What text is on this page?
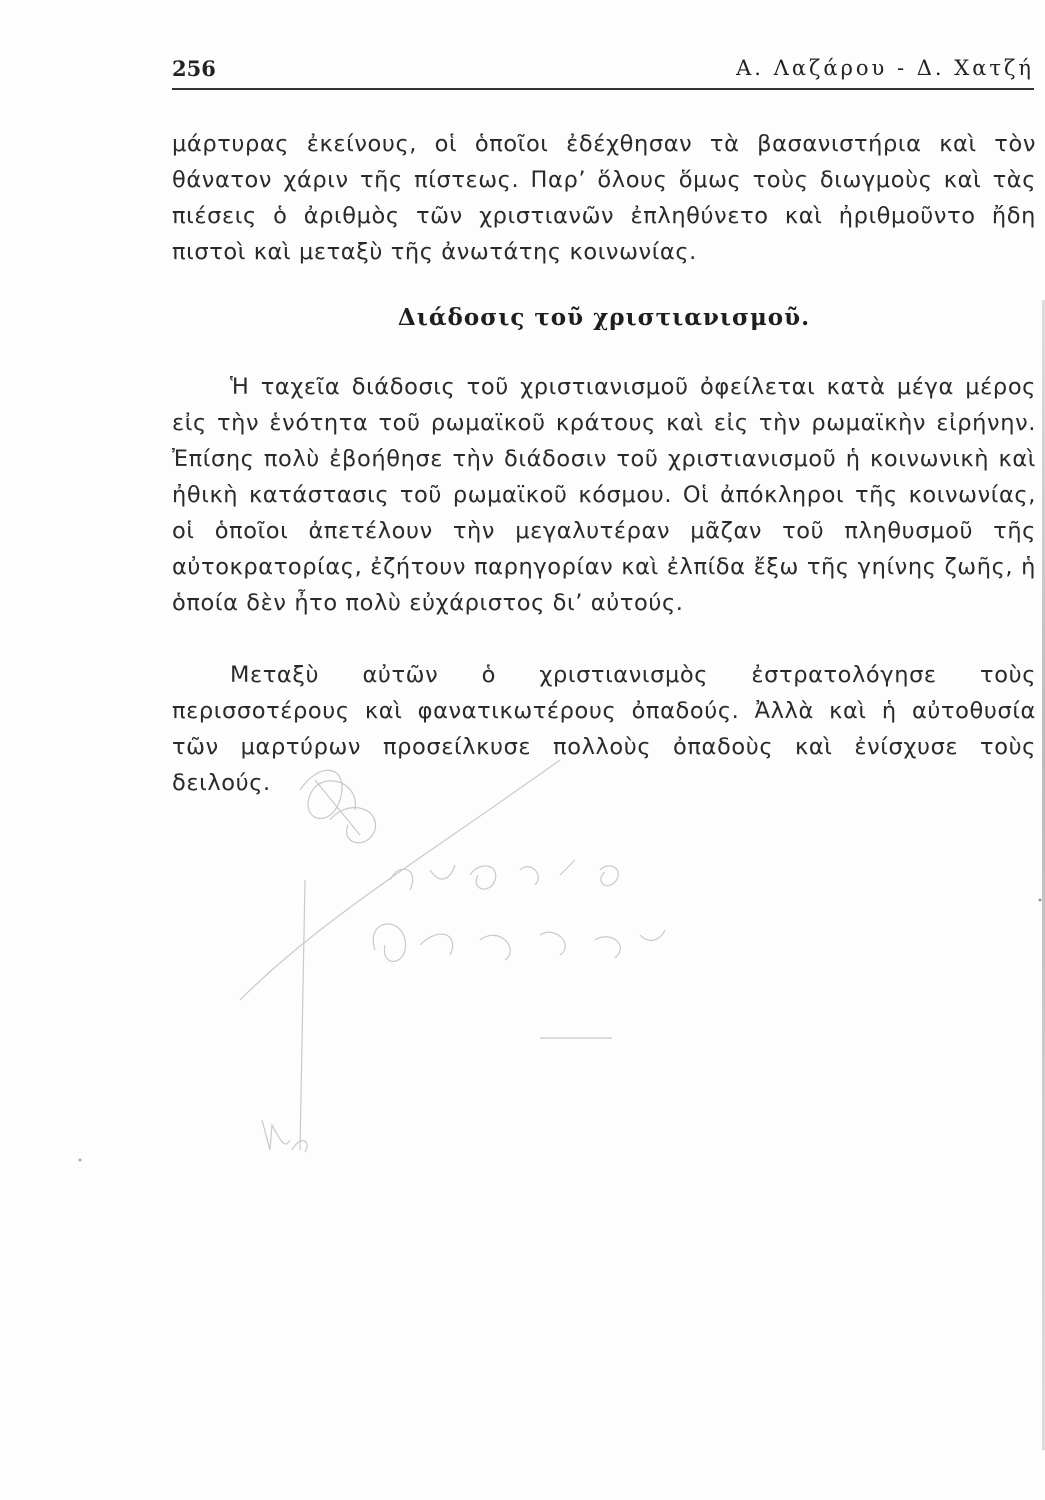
256	Α. Λαζάρου - Δ. Χατζή

μάρτυρας ἐκείνους, οἱ ὁποῖοι ἐδέχθησαν τὰ βασανιστήρια καὶ τὸν θάνατον χάριν τῆς πίστεως. Παρ’ ὅλους ὅμως τοὺς διωγμοὺς καὶ τὰς πιέσεις ὁ ἀριθμὸς τῶν χριστιανῶν ἐπληθύνετο καὶ ἠριθμοῦντο ἤδη πιστοὶ καὶ μεταξὺ τῆς ἀνωτάτης κοινωνίας.

Διάδοσις τοῦ χριστιανισμοῦ.

Ἡ ταχεῖα διάδοσις τοῦ χριστιανισμοῦ ὀφείλεται κατὰ μέγα μέρος εἰς τὴν ἑνότητα τοῦ ρωμαϊκοῦ κράτους καὶ εἰς τὴν ρωμαϊκὴν εἰρήνην. Ἐπίσης πολὺ ἐβοήθησε τὴν διάδοσιν τοῦ χριστιανισμοῦ ἡ κοινωνικὴ καὶ ἠθικὴ κατάστασις τοῦ ρωμαϊκοῦ κόσμου. Οἱ ἀπόκληροι τῆς κοινωνίας, οἱ ὁποῖοι ἀπετέλουν τὴν μεγαλυτέραν μᾶζαν τοῦ πληθυσμοῦ τῆς αὐτοκρατορίας, ἐζήτουν παρηγορίαν καὶ ἐλπίδα ἔξω τῆς γηίνης ζωῆς, ἡ ὁποία δὲν ἦτο πολὺ εὐχάριστος δι’ αὐτούς.

Μεταξὺ αὐτῶν ὁ χριστιανισμὸς ἐστρατολόγησε τοὺς περισσοτέρους καὶ φανατικωτέρους ὀπαδούς. Ἀλλὰ καὶ ἡ αὐτοθυσία τῶν μαρτύρων προσείλκυσε πολλοὺς ὀπαδοὺς καὶ ἐνίσχυσε τοὺς δειλούς.
